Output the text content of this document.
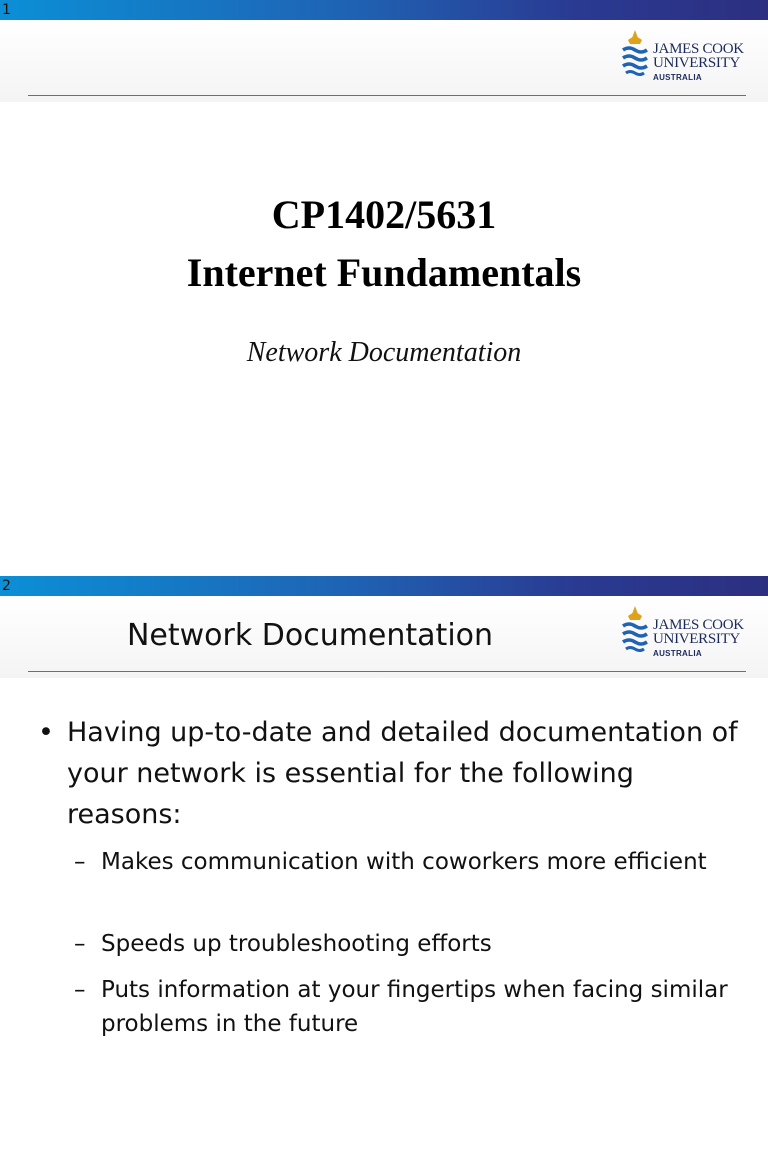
1
JAMES COOK
UNIVERSITY
AUSTRALIA
CP1402/5631
Internet Fundamentals
Network Documentation
2
Network Documentation	JAMES COOK
UNIVERSITY
AUSTRALIA
• Having up-to-date and detailed documentation of your network is essential for the following reasons:
– Makes communication with coworkers more efficient
– Speeds up troubleshooting efforts
– Puts information at your fingertips when facing similar problems in the future
